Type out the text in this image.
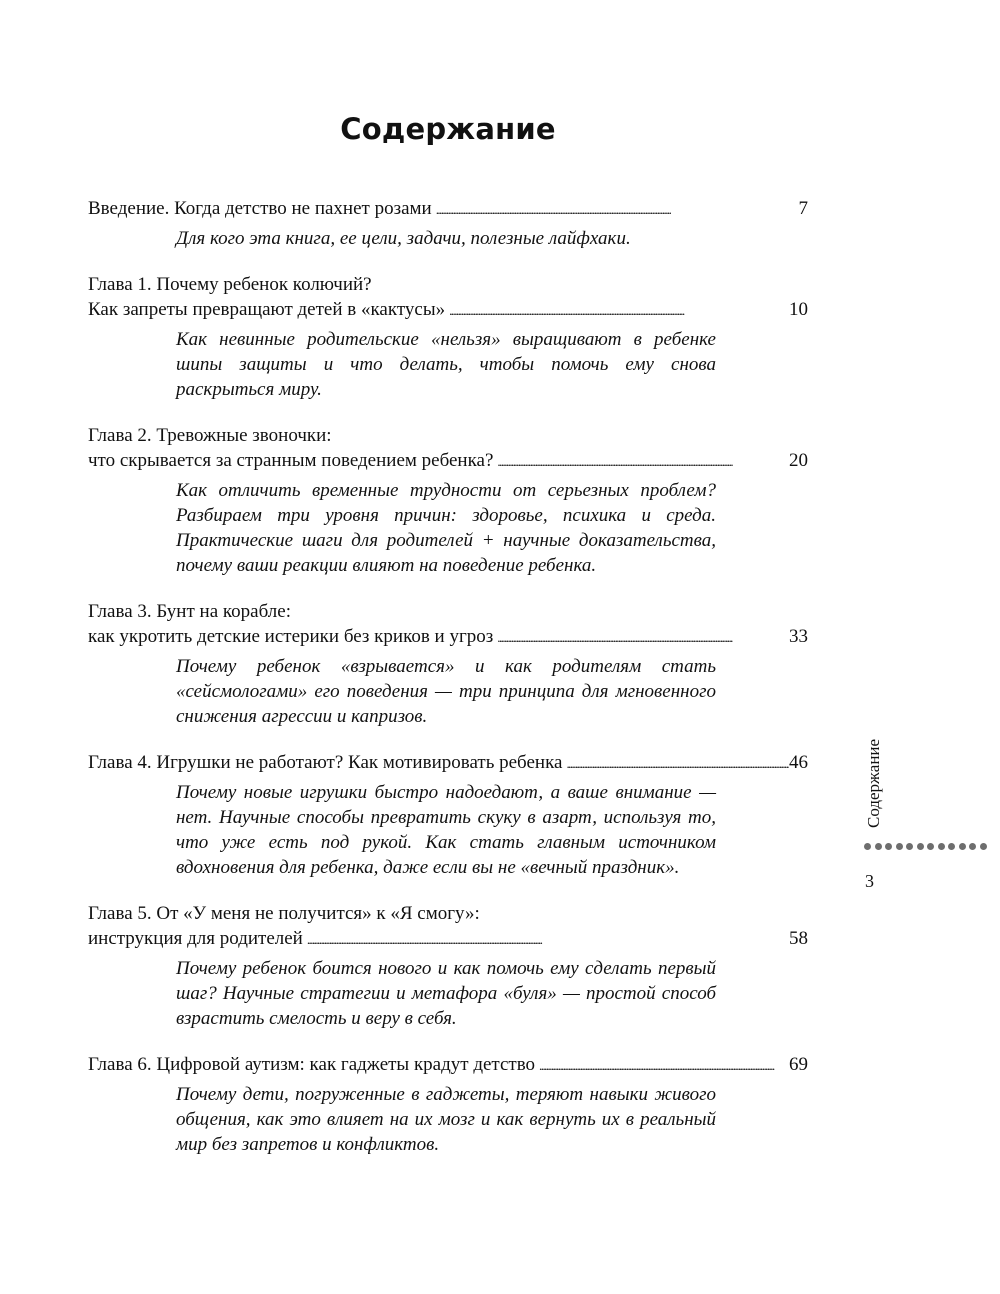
Содержание
Введение. Когда детство не пахнет розами . . .	7
Для кого эта книга, ее цели, задачи, полезные лайфхаки.
Глава 1. Почему ребенок колючий?
Как запреты превращают детей в «кактусы» . . .	10
Как невинные родительские «нельзя» выращивают в ребенке шипы защиты и что делать, чтобы помочь ему снова раскрыться миру.
Глава 2. Тревожные звоночки:
что скрывается за странным поведением ребенка? . . .	20
Как отличить временные трудности от серьезных проблем? Разбираем три уровня причин: здоровье, психика и среда. Практические шаги для родителей + научные доказательства, почему ваши реакции влияют на поведение ребенка.
Глава 3. Бунт на корабле:
как укротить детские истерики без криков и угроз . . .	33
Почему ребенок «взрывается» и как родителям стать «сейсмологами» его поведения — три принципа для мгновенного снижения агрессии и капризов.
Глава 4. Игрушки не работают? Как мотивировать ребенка . . .	46
Почему новые игрушки быстро надоедают, а ваше внимание — нет. Научные способы превратить скуку в азарт, используя то, что уже есть под рукой. Как стать главным источником вдохновения для ребенка, даже если вы не «вечный праздник».
Глава 5. От «У меня не получится» к «Я смогу»:
инструкция для родителей . . .	58
Почему ребенок боится нового и как помочь ему сделать первый шаг? Научные стратегии и метафора «буля» — простой способ взрастить смелость и веру в себя.
Глава 6. Цифровой аутизм: как гаджеты крадут детство . . .	69
Почему дети, погруженные в гаджеты, теряют навыки живого общения, как это влияет на их мозг и как вернуть их в реальный мир без запретов и конфликтов.
Содержание
3
